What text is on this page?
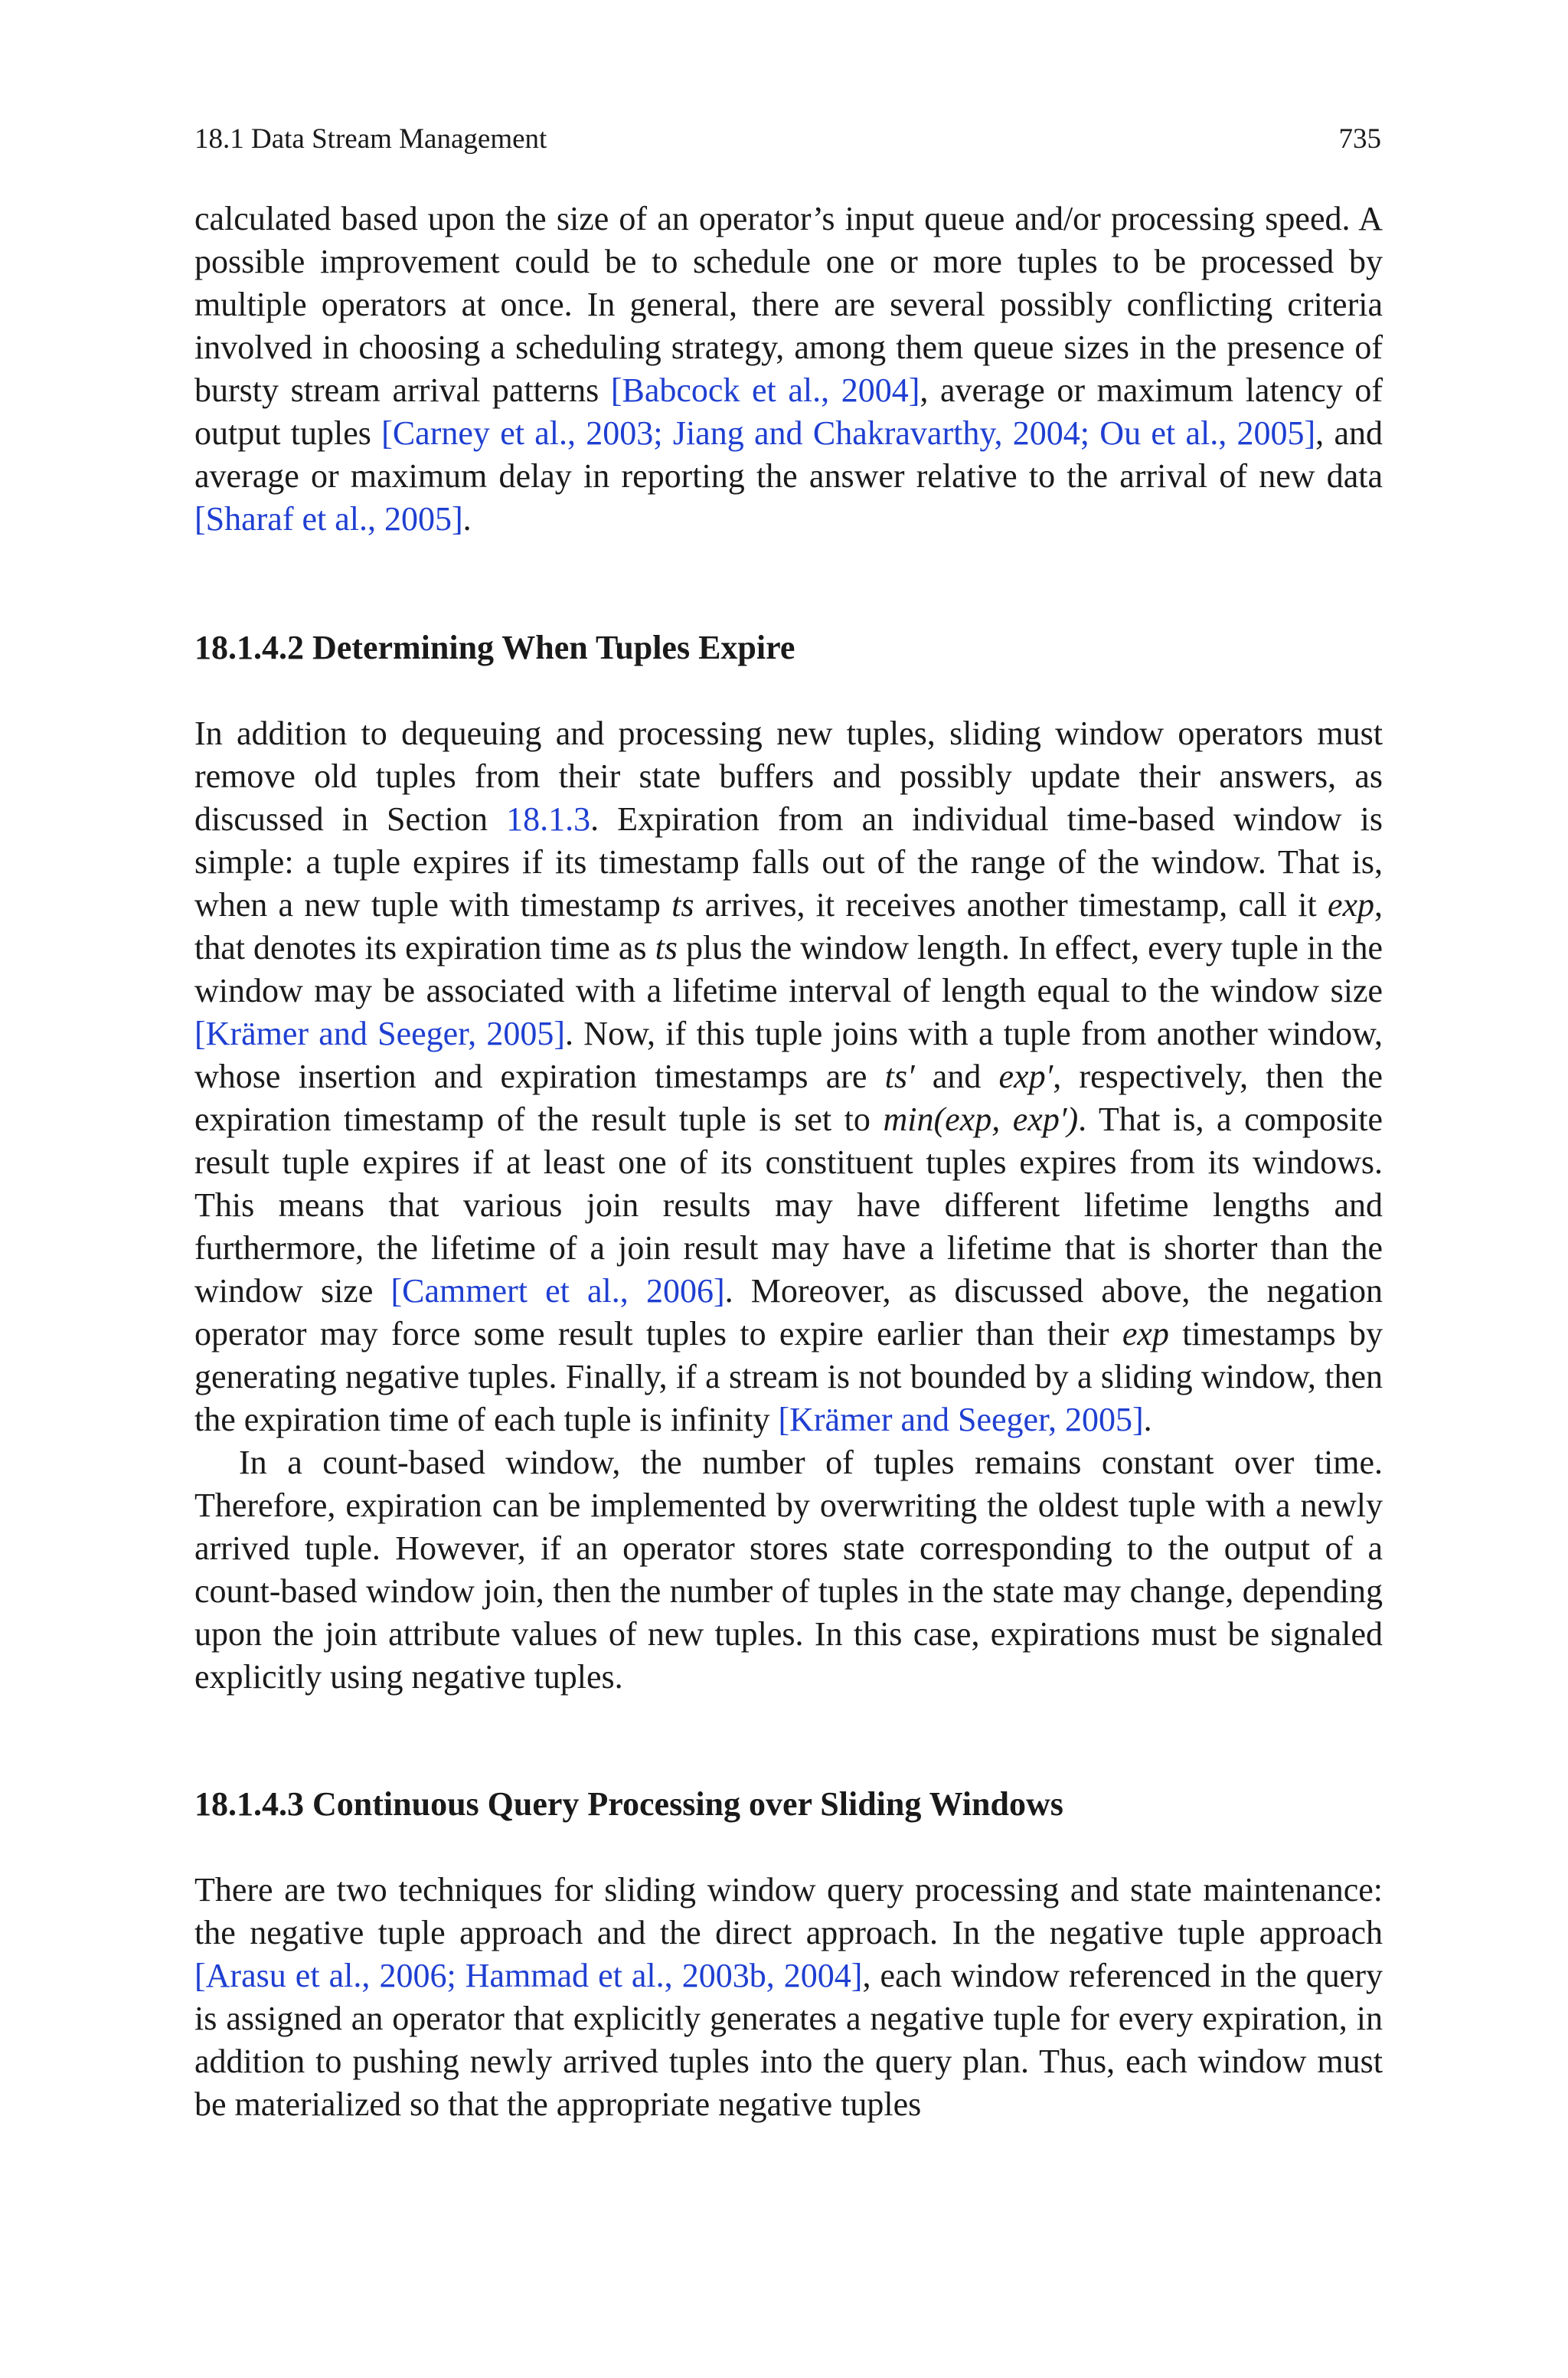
18.1 Data Stream Management	735

calculated based upon the size of an operator’s input queue and/or processing speed. A possible improvement could be to schedule one or more tuples to be processed by multiple operators at once. In general, there are several possibly conflicting criteria involved in choosing a scheduling strategy, among them queue sizes in the presence of bursty stream arrival patterns [Babcock et al., 2004], average or maximum latency of output tuples [Carney et al., 2003; Jiang and Chakravarthy, 2004; Ou et al., 2005], and average or maximum delay in reporting the answer relative to the arrival of new data [Sharaf et al., 2005].

18.1.4.2 Determining When Tuples Expire

In addition to dequeuing and processing new tuples, sliding window operators must remove old tuples from their state buffers and possibly update their answers, as discussed in Section 18.1.3. Expiration from an individual time-based window is simple: a tuple expires if its timestamp falls out of the range of the window. That is, when a new tuple with timestamp ts arrives, it receives another timestamp, call it exp, that denotes its expiration time as ts plus the window length. In effect, every tuple in the window may be associated with a lifetime interval of length equal to the window size [Krämer and Seeger, 2005]. Now, if this tuple joins with a tuple from another window, whose insertion and expiration timestamps are ts′ and exp′, respectively, then the expiration timestamp of the result tuple is set to min(exp, exp′). That is, a composite result tuple expires if at least one of its constituent tuples expires from its windows. This means that various join results may have different lifetime lengths and furthermore, the lifetime of a join result may have a lifetime that is shorter than the window size [Cammert et al., 2006]. Moreover, as discussed above, the negation operator may force some result tuples to expire earlier than their exp timestamps by generating negative tuples. Finally, if a stream is not bounded by a sliding window, then the expiration time of each tuple is infinity [Krämer and Seeger, 2005].

In a count-based window, the number of tuples remains constant over time. Therefore, expiration can be implemented by overwriting the oldest tuple with a newly arrived tuple. However, if an operator stores state corresponding to the output of a count-based window join, then the number of tuples in the state may change, depending upon the join attribute values of new tuples. In this case, expirations must be signaled explicitly using negative tuples.

18.1.4.3 Continuous Query Processing over Sliding Windows

There are two techniques for sliding window query processing and state maintenance: the negative tuple approach and the direct approach. In the negative tuple approach [Arasu et al., 2006; Hammad et al., 2003b, 2004], each window referenced in the query is assigned an operator that explicitly generates a negative tuple for every expiration, in addition to pushing newly arrived tuples into the query plan. Thus, each window must be materialized so that the appropriate negative tuples
